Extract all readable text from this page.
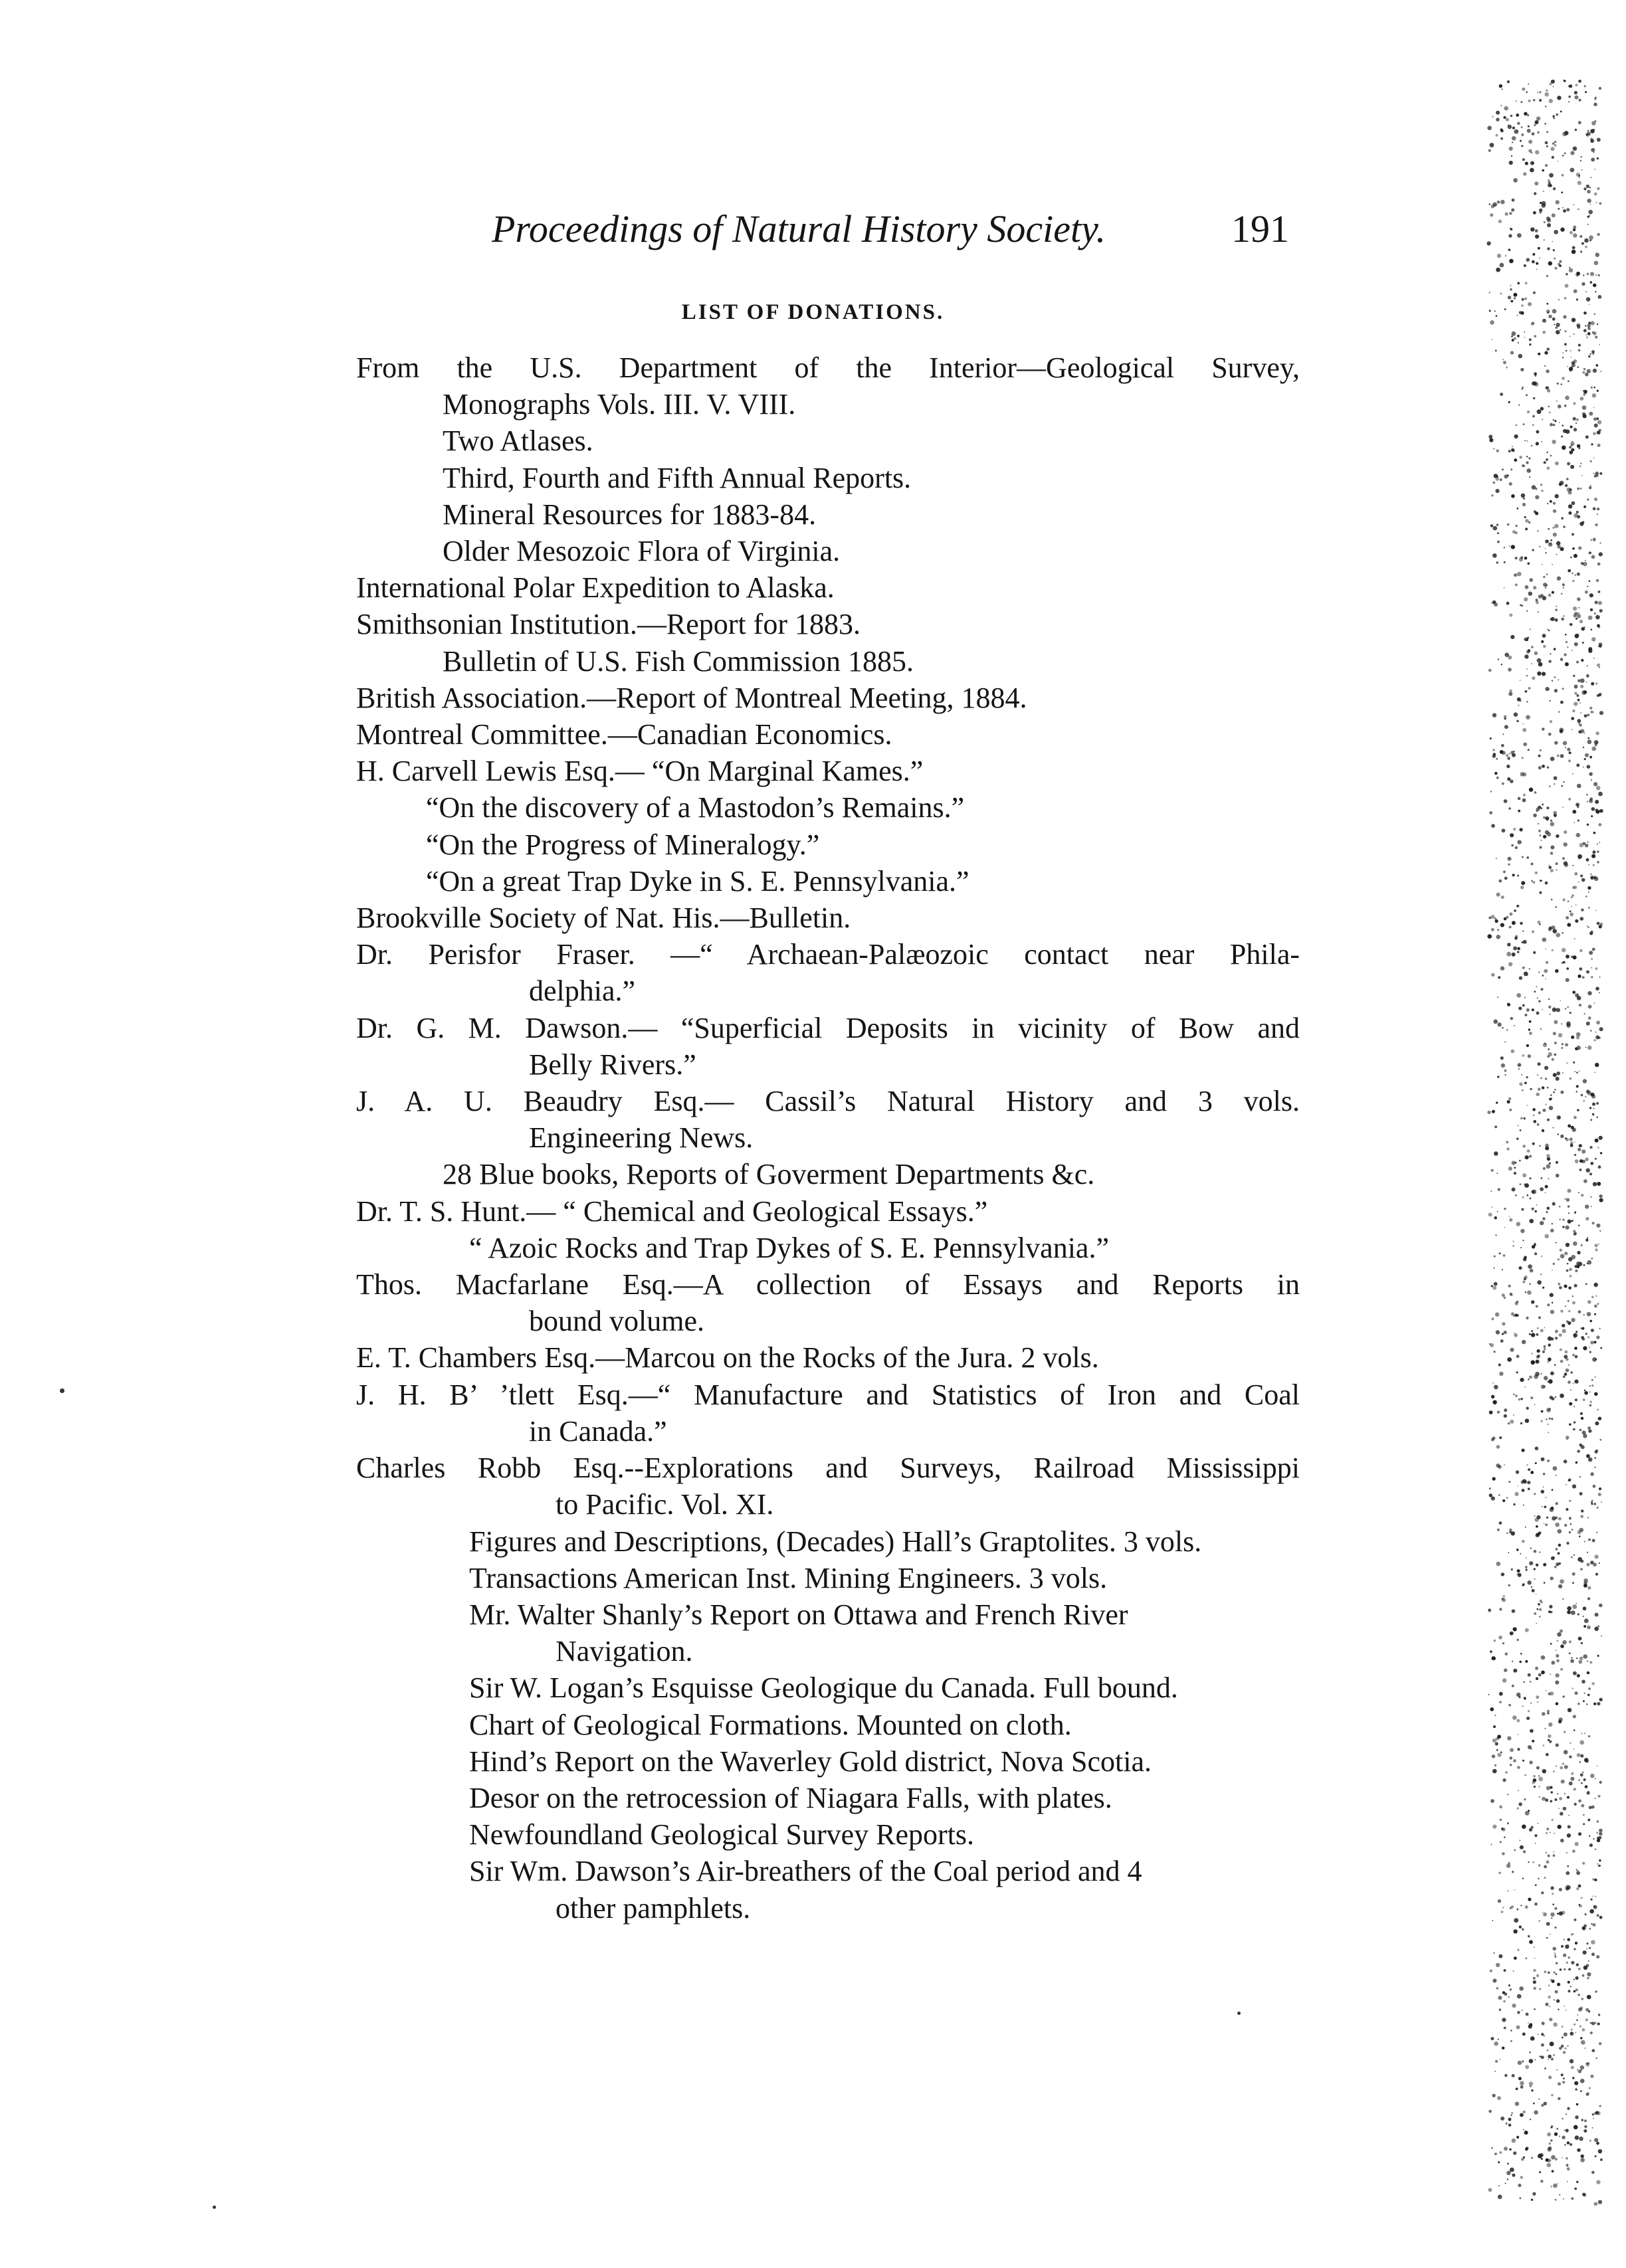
Proceedings of Natural History Society.	191
LIST OF DONATIONS.
From the U.S. Department of the Interior—Geological Survey,
Monographs Vols. III. V. VIII.
Two Atlases.
Third, Fourth and Fifth Annual Reports.
Mineral Resources for 1883-84.
Older Mesozoic Flora of Virginia.
International Polar Expedition to Alaska.
Smithsonian Institution.—Report for 1883.
Bulletin of U.S. Fish Commission 1885.
British Association.—Report of Montreal Meeting, 1884.
Montreal Committee.—Canadian Economics.
H. Carvell Lewis Esq.— “On Marginal Kames.”
“On the discovery of a Mastodon’s Remains.”
“On the Progress of Mineralogy.”
“On a great Trap Dyke in S. E. Pennsylvania.”
Brookville Society of Nat. His.—Bulletin.
Dr. Perisfor Fraser. —“ Archaean-Palæozoic contact near Phila-
delphia.”
Dr. G. M. Dawson.— “Superficial Deposits in vicinity of Bow and
Belly Rivers.”
J. A. U. Beaudry Esq.— Cassil’s Natural History and 3 vols.
Engineering News.
28 Blue books, Reports of Goverment Departments &c.
Dr. T. S. Hunt.— “ Chemical and Geological Essays.”
“ Azoic Rocks and Trap Dykes of S. E. Pennsylvania.”
Thos. Macfarlane Esq.—A collection of Essays and Reports in
bound volume.
E. T. Chambers Esq.—Marcou on the Rocks of the Jura. 2 vols.
J. H. B’ ’tlett Esq.—“ Manufacture and Statistics of Iron and Coal
in Canada.”
Charles Robb Esq.--Explorations and Surveys, Railroad Mississippi
to Pacific. Vol. XI.
Figures and Descriptions, (Decades) Hall’s Graptolites. 3 vols.
Transactions American Inst. Mining Engineers. 3 vols.
Mr. Walter Shanly’s Report on Ottawa and French River
Navigation.
Sir W. Logan’s Esquisse Geologique du Canada. Full bound.
Chart of Geological Formations. Mounted on cloth.
Hind’s Report on the Waverley Gold district, Nova Scotia.
Desor on the retrocession of Niagara Falls, with plates.
Newfoundland Geological Survey Reports.
Sir Wm. Dawson’s Air-breathers of the Coal period and 4
other pamphlets.
